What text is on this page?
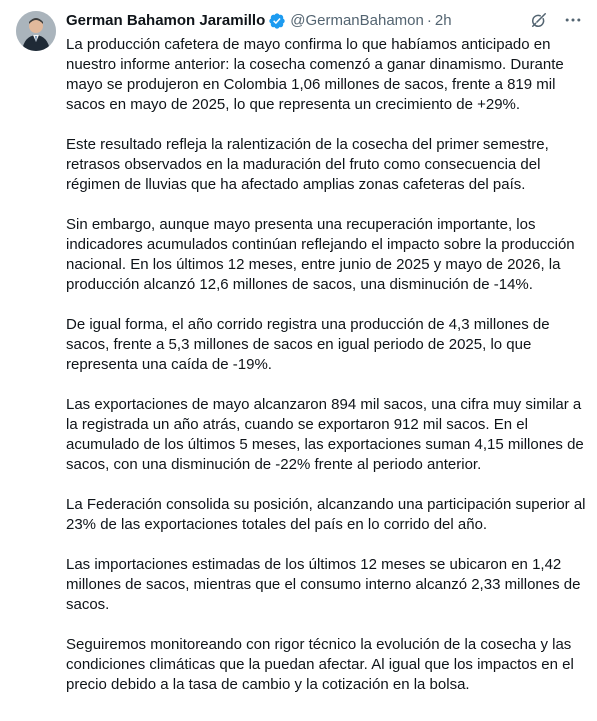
German Bahamon Jaramillo @GermanBahamon · 2h

La producción cafetera de mayo confirma lo que habíamos anticipado en nuestro informe anterior: la cosecha comenzó a ganar dinamismo. Durante mayo se produjeron en Colombia 1,06 millones de sacos, frente a 819 mil sacos en mayo de 2025, lo que representa un crecimiento de +29%.

Este resultado refleja la ralentización de la cosecha del primer semestre, retrasos observados en la maduración del fruto como consecuencia del régimen de lluvias que ha afectado amplias zonas cafeteras del país.

Sin embargo, aunque mayo presenta una recuperación importante, los indicadores acumulados continúan reflejando el impacto sobre la producción nacional. En los últimos 12 meses, entre junio de 2025 y mayo de 2026, la producción alcanzó 12,6 millones de sacos, una disminución de -14%.

De igual forma, el año corrido registra una producción de 4,3 millones de sacos, frente a 5,3 millones de sacos en igual periodo de 2025, lo que representa una caída de -19%.

Las exportaciones de mayo alcanzaron 894 mil sacos, una cifra muy similar a la registrada un año atrás, cuando se exportaron 912 mil sacos. En el acumulado de los últimos 5 meses, las exportaciones suman 4,15 millones de sacos, con una disminución de -22% frente al periodo anterior.

La Federación consolida su posición, alcanzando una participación superior al 23% de las exportaciones totales del país en lo corrido del año.

Las importaciones estimadas de los últimos 12 meses se ubicaron en 1,42 millones de sacos, mientras que el consumo interno alcanzó 2,33 millones de sacos.

Seguiremos monitoreando con rigor técnico la evolución de la cosecha y las condiciones climáticas que la puedan afectar. Al igual que los impactos en el precio debido a la tasa de cambio y la cotización en la bolsa.
